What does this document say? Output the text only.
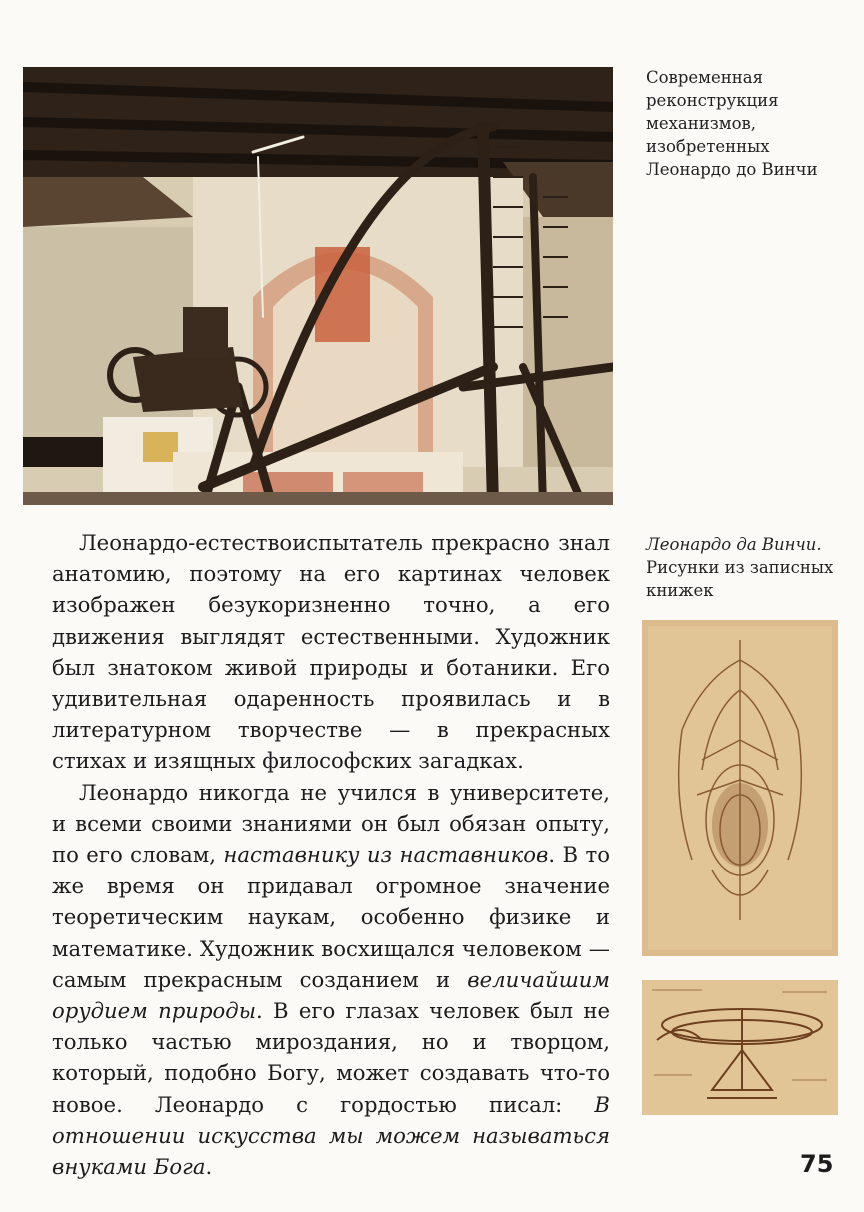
Современная реконструкция механизмов, изобретенных Леонардо до Винчи
Леонардо да Винчи.
Рисунки из записных книжек

Леонардо-естествоиспытатель прекрасно знал анатомию, поэтому на его картинах человек изображен безукоризненно точно, а его движения выглядят естественными. Художник был знатоком живой природы и ботаники. Его удивительная одаренность проявилась и в литературном творчестве — в прекрасных стихах и изящных философских загадках.

Леонардо никогда не учился в университете, и всеми своими знаниями он был обязан опыту, по его словам, наставнику из наставников. В то же время он придавал огромное значение теоретическим наукам, особенно физике и математике. Художник восхищался человеком — самым прекрасным созданием и величайшим орудием природы. В его глазах человек был не только частью мироздания, но и творцом, который, подобно Богу, может создавать что-то новое. Леонардо с гордостью писал: В отношении искусства мы можем называться внуками Бога.	75
